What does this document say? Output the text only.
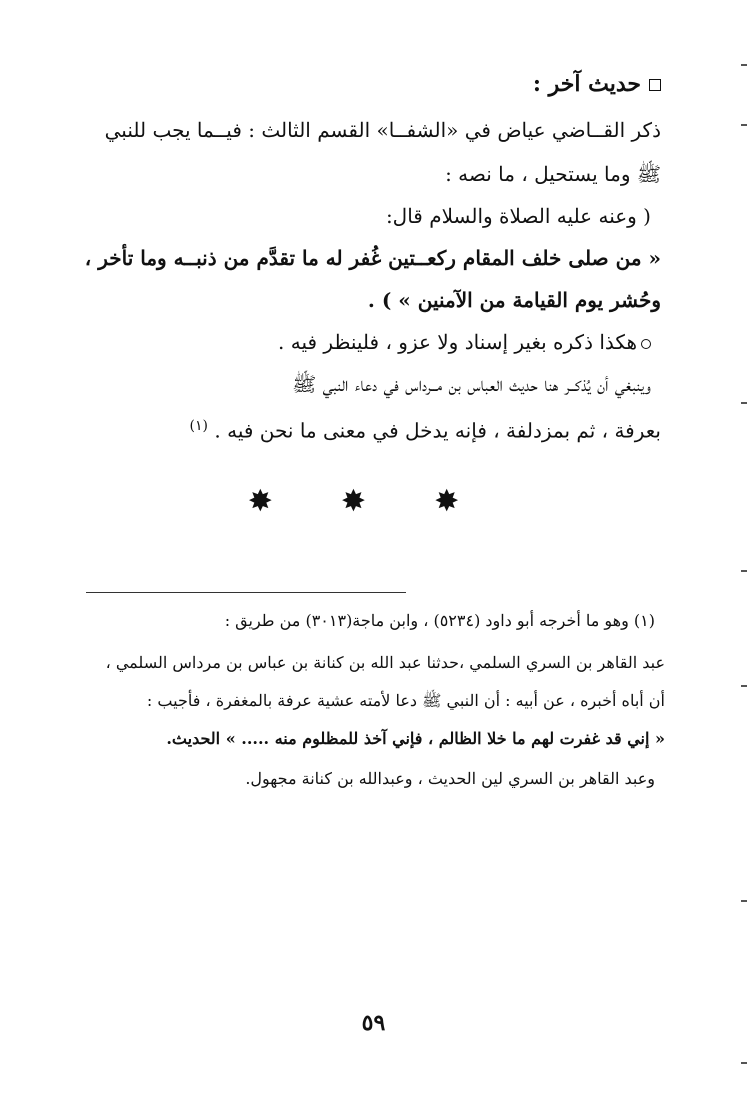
حديث آخر :
ذكر القــاضي عياض في «الشفــا» القسم الثالث : فيــما يجب للنبي
ﷺ وما يستحيل ، ما نصه :
( وعنه عليه الصلاة والسلام قال:
« من صلى خلف المقام ركعــتين غُفر له ما تقدَّم من ذنبــه وما تأخر ،
وحُشر يوم القيامة من الآمنين » ) .
هكذا ذكره بغير إسناد ولا عزو ، فلينظر فيه .
وينبغي أن يُذكــر هنا حديث العباس بن مــرداس في دعاء النبي ﷺ
بعرفة ، ثم بمزدلفة ، فإنه يدخل في معنى ما نحن فيه . $^{(١)}$
✸ ✸ ✸
(١) وهو ما أخرجه أبو داود (٥٢٣٤) ، وابن ماجة(٣٠١٣) من طريق :
عبد القاهر بن السري السلمي ،حدثنا عبد الله بن كنانة بن عباس بن مرداس السلمي ،
أن أباه أخبره ، عن أبيه : أن النبي ﷺ دعا لأمته عشية عرفة بالمغفرة ، فأجيب :
« إني قد غفرت لهم ما خلا الظالم ، فإني آخذ للمظلوم منه ..... » الحديث.
وعبد القاهر بن السري لين الحديث ، وعبدالله بن كنانة مجهول.
٥٩
